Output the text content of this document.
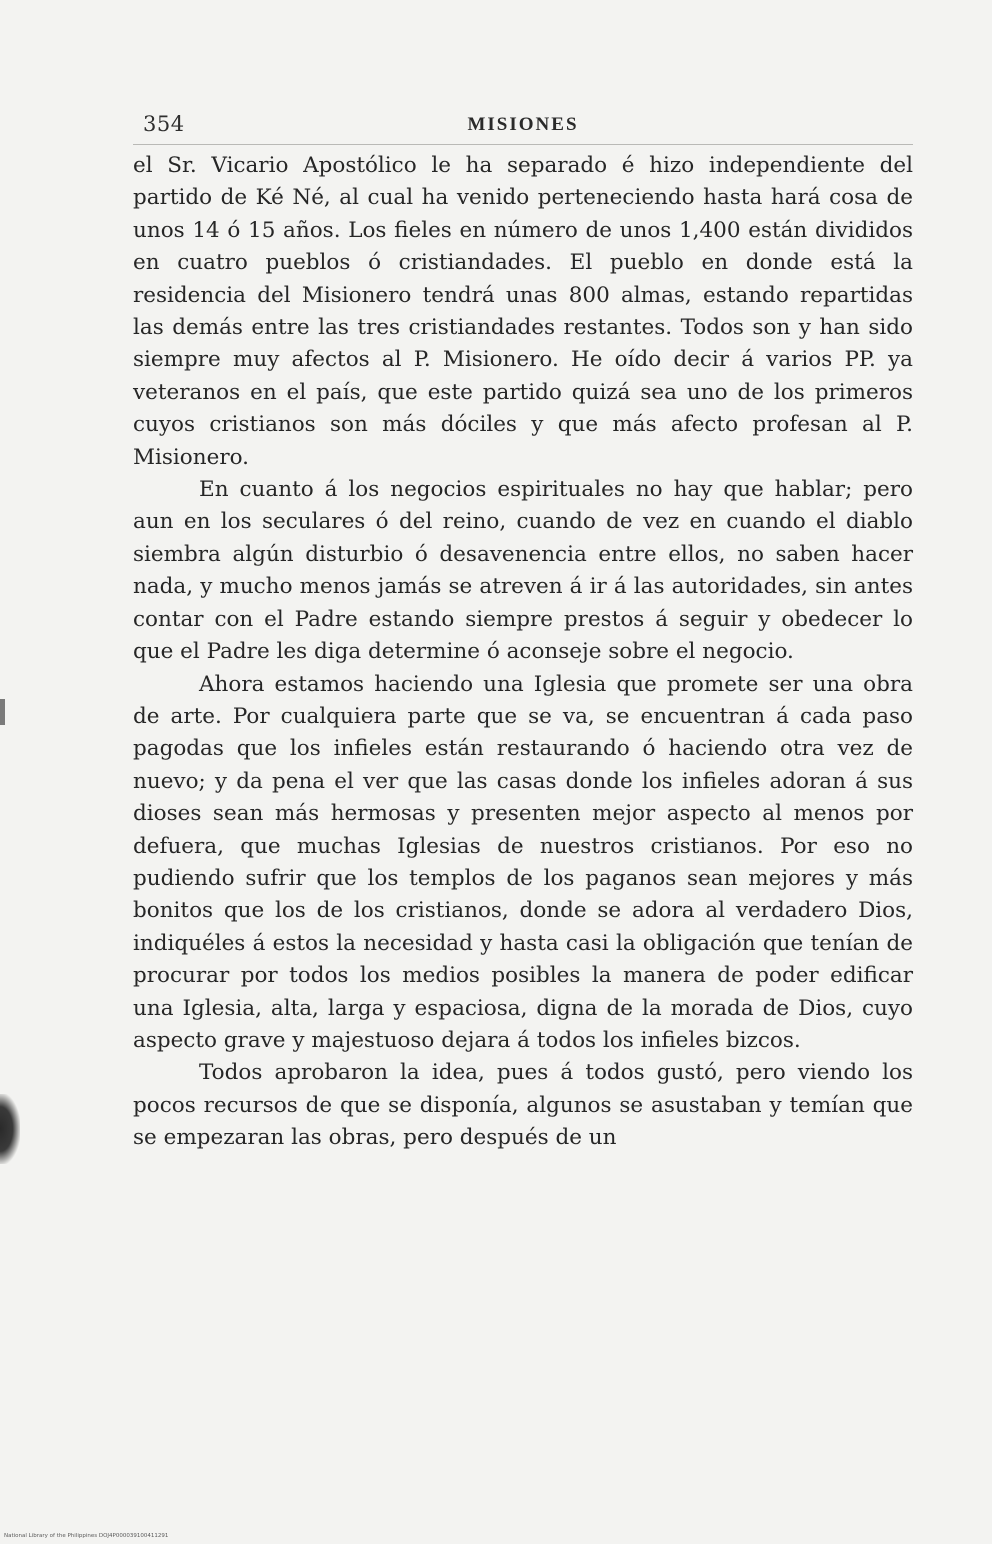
354	MISIONES

el Sr. Vicario Apostólico le ha separado é hizo independiente del partido de Ké Né, al cual ha venido perteneciendo hasta hará cosa de unos 14 ó 15 años. Los fieles en número de unos 1,400 están divididos en cuatro pueblos ó cristiandades. El pueblo en donde está la residencia del Misionero tendrá unas 800 almas, estando repartidas las demás entre las tres cristiandades restantes. Todos son y han sido siempre muy afectos al P. Misionero. He oído decir á varios PP. ya veteranos en el país, que este partido quizá sea uno de los primeros cuyos cristianos son más dóciles y que más afecto profesan al P. Misionero.

En cuanto á los negocios espirituales no hay que hablar; pero aun en los seculares ó del reino, cuando de vez en cuando el diablo siembra algún disturbio ó desavenencia entre ellos, no saben hacer nada, y mucho menos jamás se atreven á ir á las autoridades, sin antes contar con el Padre estando siempre prestos á seguir y obedecer lo que el Padre les diga determine ó aconseje sobre el negocio.

Ahora estamos haciendo una Iglesia que promete ser una obra de arte. Por cualquiera parte que se va, se encuentran á cada paso pagodas que los infieles están restaurando ó haciendo otra vez de nuevo; y da pena el ver que las casas donde los infieles adoran á sus dioses sean más hermosas y presenten mejor aspecto al menos por defuera, que muchas Iglesias de nuestros cristianos. Por eso no pudiendo sufrir que los templos de los paganos sean mejores y más bonitos que los de los cristianos, donde se adora al verdadero Dios, indiquéles á estos la necesidad y hasta casi la obligación que tenían de procurar por todos los medios posibles la manera de poder edificar una Iglesia, alta, larga y espaciosa, digna de la morada de Dios, cuyo aspecto grave y majestuoso dejara á todos los infieles bizcos.

Todos aprobaron la idea, pues á todos gustó, pero viendo los pocos recursos de que se disponía, algunos se asustaban y temían que se empezaran las obras, pero después de un

National Library of the Philippines DOJ4P000039100411291
